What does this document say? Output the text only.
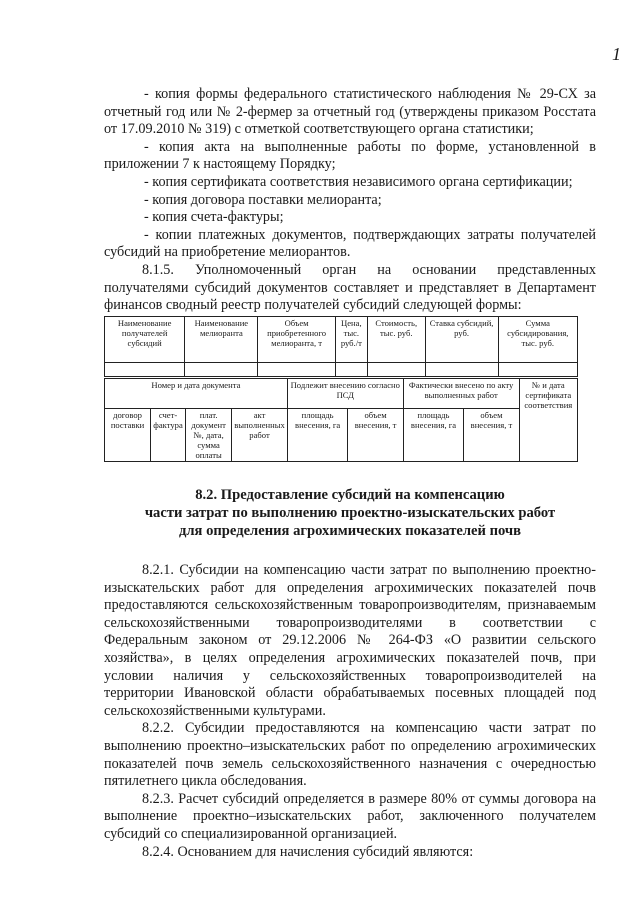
1
- копия формы федерального статистического наблюдения № 29-СХ за
отчетный год или № 2-фермер за отчетный год (утверждены приказом Росстата
от 17.09.2010 № 319) с отметкой соответствующего органа статистики;
- копия акта на выполненные работы по форме, установленной в
приложении 7 к настоящему Порядку;
- копия сертификата соответствия независимого органа сертификации;
- копия договора поставки мелиоранта;
- копия счета-фактуры;
- копии платежных документов, подтверждающих затраты получателей
субсидий на приобретение мелиорантов.
8.1.5. Уполномоченный орган на основании представленных
получателями субсидий документов составляет и представляет в Департамент
финансов сводный реестр получателей субсидий следующей формы:
Наименование получателей субсидий	Наименование мелиоранта	Объем приобретенного мелиоранта, т	Цена, тыс. руб./т	Стоимость, тыс. руб.	Ставка субсидий, руб.	Сумма субсидирования, тыс. руб.

Номер и дата документа				Подлежит внесению согласно ПСД		Фактически внесено по акту выполненных работ		№ и дата сертификата соответствия
договор поставки	счет-фактура	плат. документ №, дата, сумма оплаты	акт выполненных работ	площадь внесения, га	объем внесения, т	площадь внесения, га	объем внесения, т	
8.2. Предоставление субсидий на компенсацию
части затрат по выполнению проектно-изыскательских работ
для определения агрохимических показателей почв
8.2.1. Субсидии на компенсацию части затрат по выполнению проектно-
изыскательских работ для определения агрохимических показателей почв
предоставляются сельскохозяйственным товаропроизводителям, признаваемым
сельскохозяйственными товаропроизводителями в соответствии с
Федеральным законом от 29.12.2006 № 264-ФЗ «О развитии сельского
хозяйства», в целях определения агрохимических показателей почв, при
условии наличия у сельскохозяйственных товаропроизводителей на
территории Ивановской области обрабатываемых посевных площадей под
сельскохозяйственными культурами.
8.2.2. Субсидии предоставляются на компенсацию части затрат по
выполнению проектно–изыскательских работ по определению агрохимических
показателей почв земель сельскохозяйственного назначения с очередностью
пятилетнего цикла обследования.
8.2.3. Расчет субсидий определяется в размере 80% от суммы договора на
выполнение проектно–изыскательских работ, заключенного получателем
субсидий со специализированной организацией.
8.2.4. Основанием для начисления субсидий являются:
